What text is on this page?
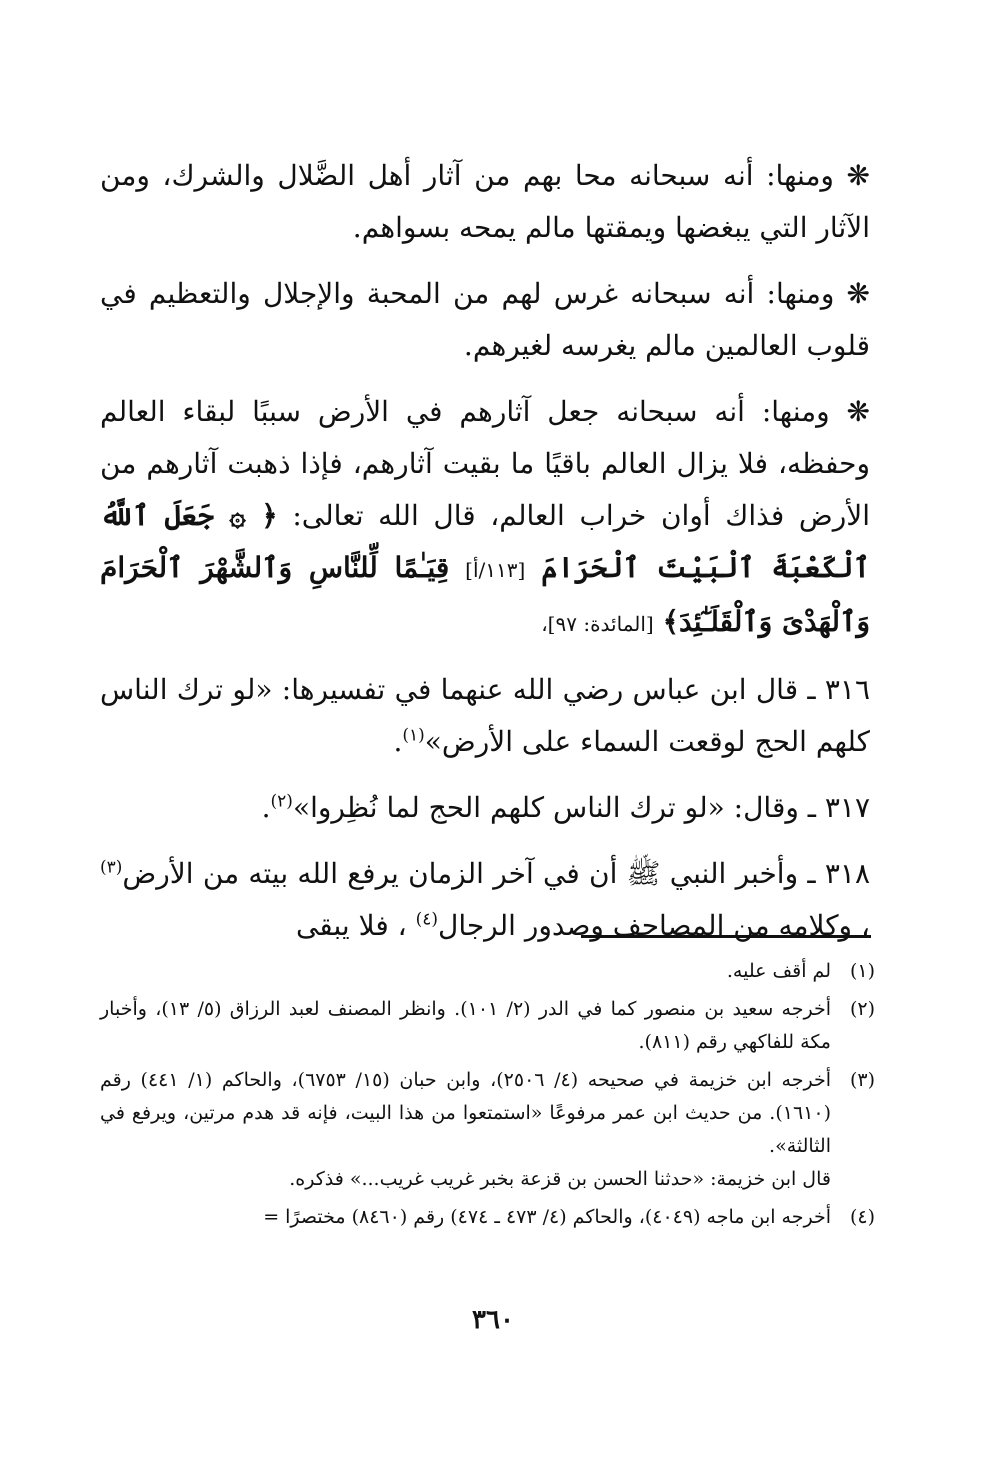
❋ ومنها: أنه سبحانه محا بهم من آثار أهل الضَّلال والشرك، ومن الآثار التي يبغضها ويمقتها مالم يمحه بسواهم.

❋ ومنها: أنه سبحانه غرس لهم من المحبة والإجلال والتعظيم في قلوب العالمين مالم يغرسه لغيرهم.

❋ ومنها: أنه سبحانه جعل آثارهم في الأرض سببًا لبقاء العالم وحفظه، فلا يزال العالم باقيًا ما بقيت آثارهم، فإذا ذهبت آثارهم من الأرض فذاك أوان خراب العالم، قال الله تعالى: ﴿ ۞ جَعَلَ ٱللَّهُ ٱلْكَعْبَةَ ٱلْبَيْتَ ٱلْحَرَامَ [١١٣/أ] قِيَـٰمًا لِّلنَّاسِ وَٱلشَّهْرَ ٱلْحَرَامَ وَٱلْهَدْىَ وَٱلْقَلَـٰٓئِدَ﴾ [المائدة: ٩٧]،

٣١٦ ـ قال ابن عباس رضي الله عنهما في تفسيرها: «لو ترك الناس كلهم الحج لوقعت السماء على الأرض»$^{(١)}$.

٣١٧ ـ وقال: «لو ترك الناس كلهم الحج لما نُظِروا»$^{(٢)}$.

٣١٨ ـ وأخبر النبي ﷺ أن في آخر الزمان يرفع الله بيته من الأرض$^{(٣)}$ ، وكلامه من المصاحف وصدور الرجال$^{(٤)}$ ، فلا يبقى

(١)
لم أقف عليه.
(٢)
أخرجه سعيد بن منصور كما في الدر (٢/ ١٠١). وانظر المصنف لعبد الرزاق (٥/ ١٣)، وأخبار مكة للفاكهي رقم (٨١١).
(٣)
أخرجه ابن خزيمة في صحيحه (٤/ ٢٥٠٦)، وابن حبان (١٥/ ٦٧٥٣)، والحاكم (١/ ٤٤١) رقم (١٦١٠). من حديث ابن عمر مرفوعًا «استمتعوا من هذا البيت، فإنه قد هدم مرتين، ويرفع في الثالثة».
قال ابن خزيمة: «حدثنا الحسن بن قزعة بخبر غريب غريب...» فذكره.
(٤)
أخرجه ابن ماجه (٤٠٤٩)، والحاكم (٤/ ٤٧٣ ـ ٤٧٤) رقم (٨٤٦٠) مختصرًا =
٣٦٠
